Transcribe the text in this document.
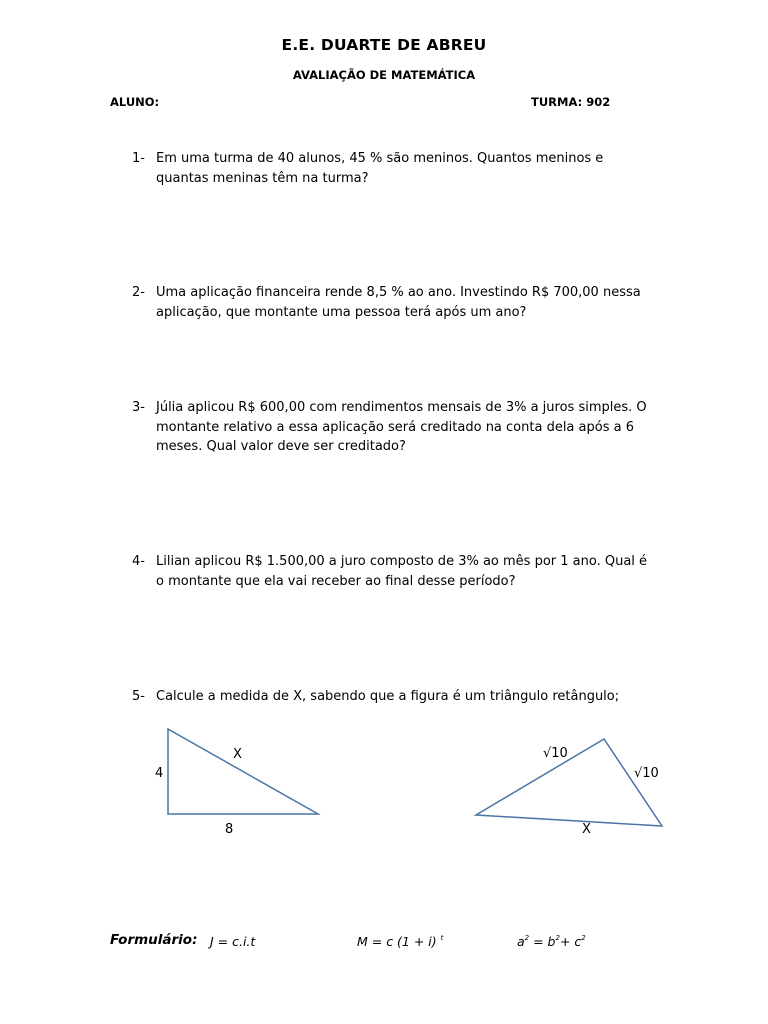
E.E. DUARTE DE ABREU
AVALIAÇÃO DE MATEMÁTICA
ALUNO:	TURMA: 902
1- Em uma turma de 40 alunos, 45 % são meninos. Quantos meninos e quantas meninas têm na turma?
2- Uma aplicação financeira rende 8,5 % ao ano. Investindo R$ 700,00 nessa aplicação, que montante uma pessoa terá após um ano?
3- Júlia aplicou R$ 600,00 com rendimentos mensais de 3% a juros simples. O montante relativo a essa aplicação será creditado na conta dela após a 6 meses. Qual valor deve ser creditado?
4- Lilian aplicou R$ 1.500,00 a juro composto de 3% ao mês por 1 ano. Qual é o montante que ela vai receber ao final desse período?
5- Calcule a medida de X, sabendo que a figura é um triângulo retângulo;
4
8
X	√10
√10
X
Formulário: J = c.i.t	M = c (1 + i) $^t$	$a^2 = b^2+ c^2$
